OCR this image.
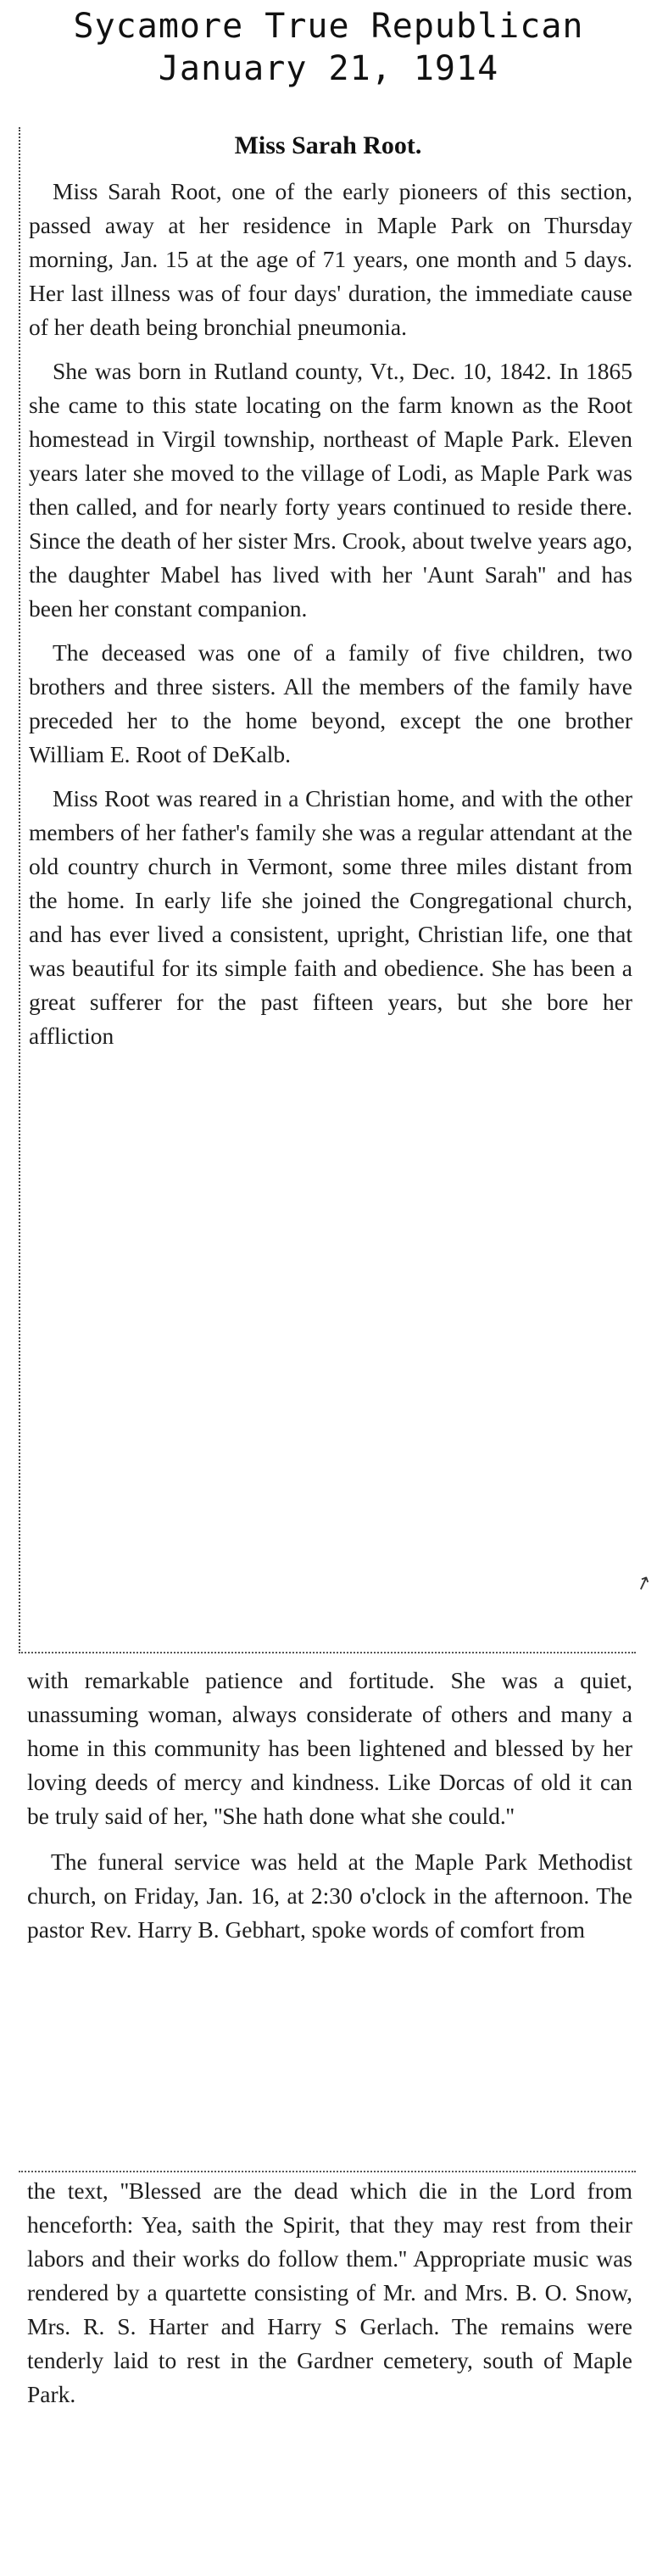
Sycamore True Republican
January 21, 1914
Miss Sarah Root.

Miss Sarah Root, one of the early pioneers of this section, passed away at her residence in Maple Park on Thursday morning, Jan. 15 at the age of 71 years, one month and 5 days. Her last illness was of four days' duration, the immediate cause of her death being bronchial pneumonia.

She was born in Rutland county, Vt., Dec. 10, 1842. In 1865 she came to this state locating on the farm known as the Root homestead in Virgil township, northeast of Maple Park. Eleven years later she moved to the village of Lodi, as Maple Park was then called, and for nearly forty years continued to reside there. Since the death of her sister Mrs. Crook, about twelve years ago, the daughter Mabel has lived with her 'Aunt Sarah'' and has been her constant companion.

The deceased was one of a family of five children, two brothers and three sisters. All the members of the family have preceded her to the home beyond, except the one brother William E. Root of DeKalb.

Miss Root was reared in a Christian home, and with the other members of her father's family she was a regular attendant at the old country church in Vermont, some three miles distant from the home. In early life she joined the Congregational church, and has ever lived a consistent, upright, Christian life, one that was beautiful for its simple faith and obedience. She has been a great sufferer for the past fifteen years, but she bore her affliction

↗

with remarkable patience and fortitude. She was a quiet, unassuming woman, always considerate of others and many a home in this community has been lightened and blessed by her loving deeds of mercy and kindness. Like Dorcas of old it can be truly said of her, ''She hath done what she could.''

The funeral service was held at the Maple Park Methodist church, on Friday, Jan. 16, at 2:30 o'clock in the afternoon. The pastor Rev. Harry B. Gebhart, spoke words of comfort from

the text, ''Blessed are the dead which die in the Lord from henceforth: Yea, saith the Spirit, that they may rest from their labors and their works do follow them.'' Appropriate music was rendered by a quartette consisting of Mr. and Mrs. B. O. Snow, Mrs. R. S. Harter and Harry S Gerlach. The remains were tenderly laid to rest in the Gardner cemetery, south of Maple Park.
